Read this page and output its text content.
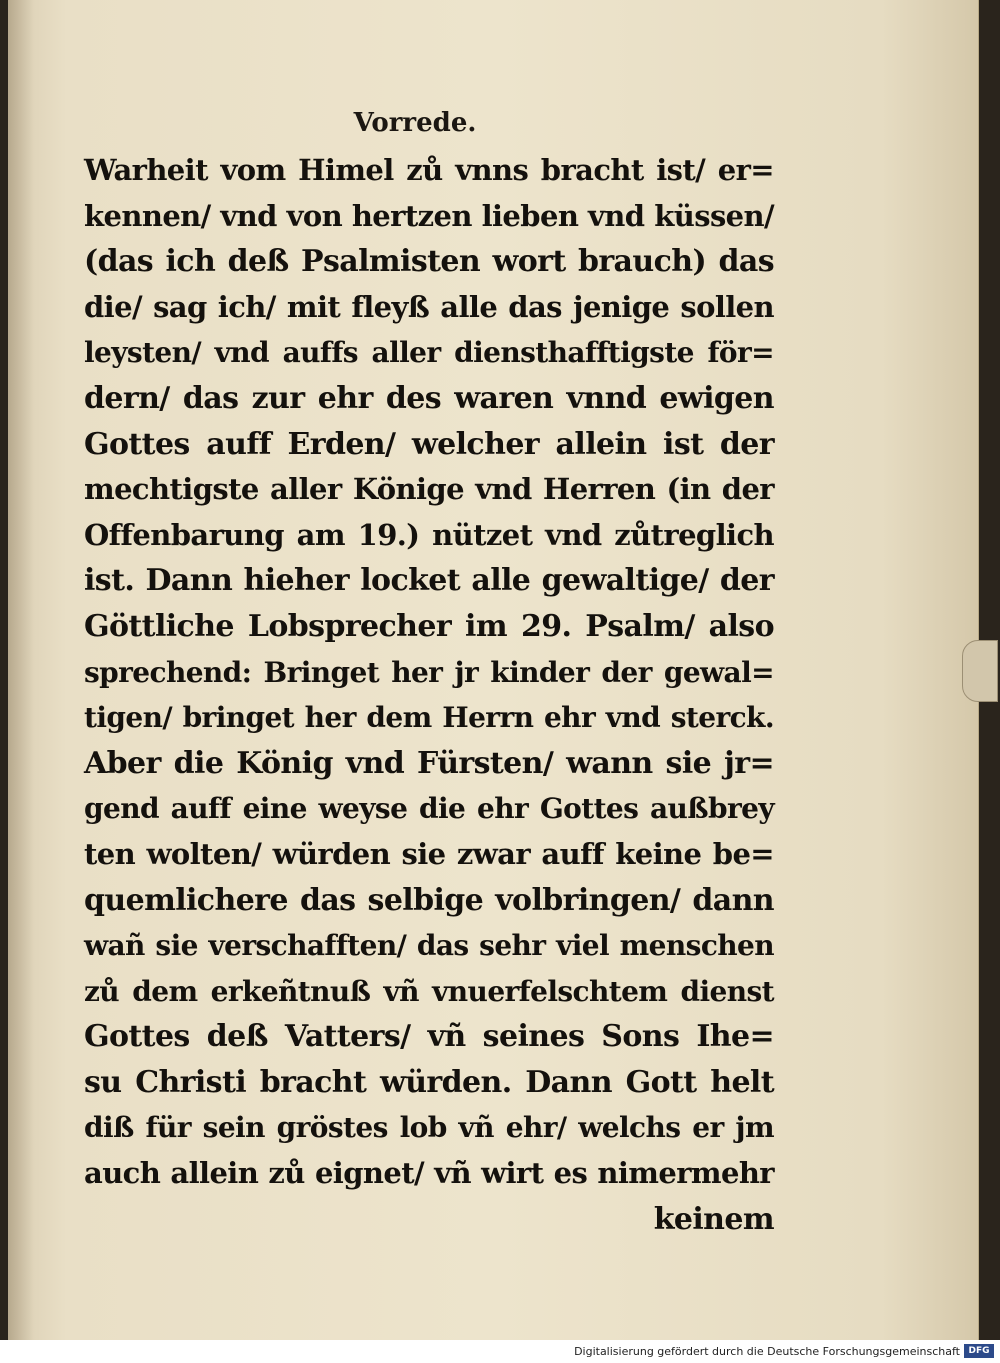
Vorrede.
Warheit vom Himel zů vnns bracht ist/ er=
kennen/ vnd von hertzen lieben vnd küssen/
(das ich deß Psalmisten wort brauch) das
die/ sag ich/ mit fleyß alle das jenige sollen
leysten/ vnd auffs aller diensthafftigste för=
dern/ das zur ehr des waren vnnd ewigen
Gottes auff Erden/ welcher allein ist der
mechtigste aller Könige vnd Herren (in der
Offenbarung am 19.) nützet vnd zůtreglich
ist. Dann hieher locket alle gewaltige/ der
Göttliche Lobsprecher im 29. Psalm/ also
sprechend: Bringet her jr kinder der gewal=
tigen/ bringet her dem Herrn ehr vnd sterck.
Aber die König vnd Fürsten/ wann sie jr=
gend auff eine weyse die ehr Gottes außbrey
ten wolten/ würden sie zwar auff keine be=
quemlichere das selbige volbringen/ dann
wañ sie verschafften/ das sehr viel menschen
zů dem erkeñtnuß vñ vnuerfelschtem dienst
Gottes deß Vatters/ vñ seines Sons Ihe=
su Christi bracht würden. Dann Gott helt
diß für sein gröstes lob vñ ehr/ welchs er jm
auch allein zů eignet/ vñ wirt es nimermehr
keinem
Digitalisierung gefördert durch die Deutsche Forschungsgemeinschaft DFG
